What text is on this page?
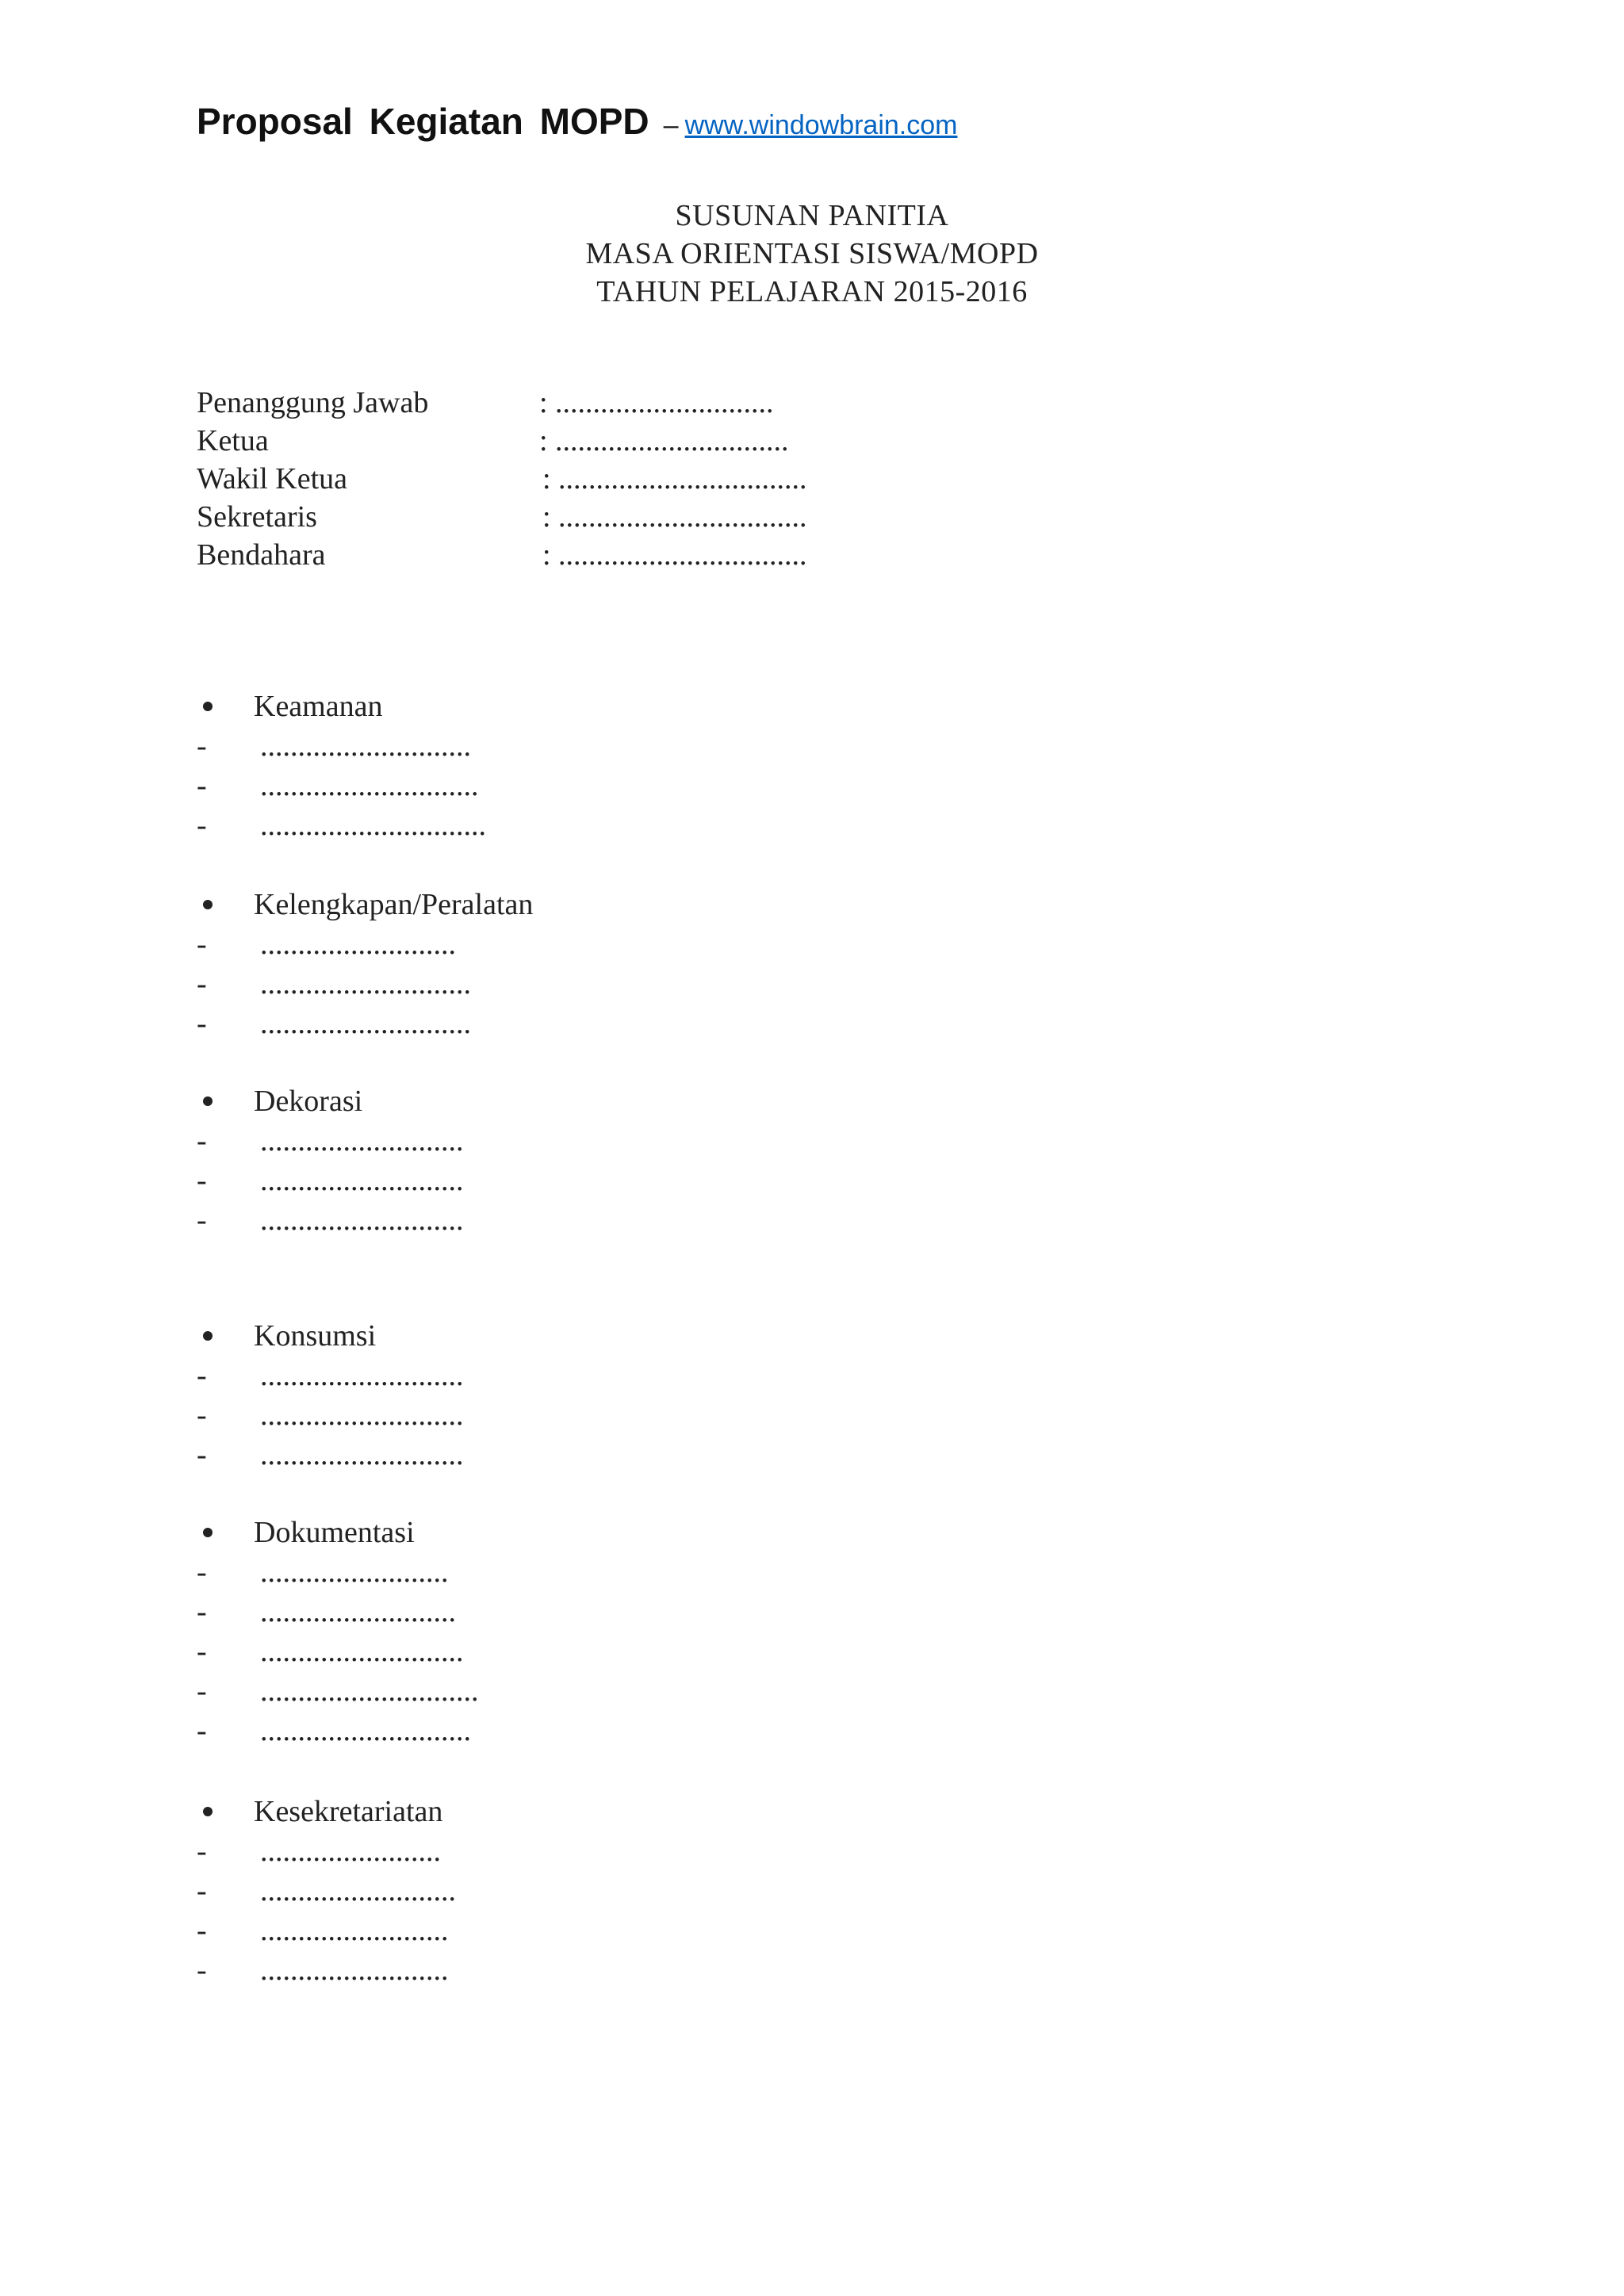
Proposal Kegiatan MOPD – www.windowbrain.com
SUSUNAN PANITIA
MASA ORIENTASI SISWA/MOPD
TAHUN PELAJARAN 2015-2016
Penanggung Jawab	: .............................
Ketua	: ...............................
Wakil Ketua	: .................................
Sekretaris	: .................................
Bendahara	: .................................
Keamanan
- ............................
- .............................
- ..............................
Kelengkapan/Peralatan
- ..........................
- ............................
- ............................
Dekorasi
- ...........................
- ...........................
- ...........................
Konsumsi
- ...........................
- ...........................
- ...........................
Dokumentasi
- .........................
- ..........................
- ...........................
- .............................
- ............................
Kesekretariatan
- ........................
- ..........................
- .........................
- .........................
